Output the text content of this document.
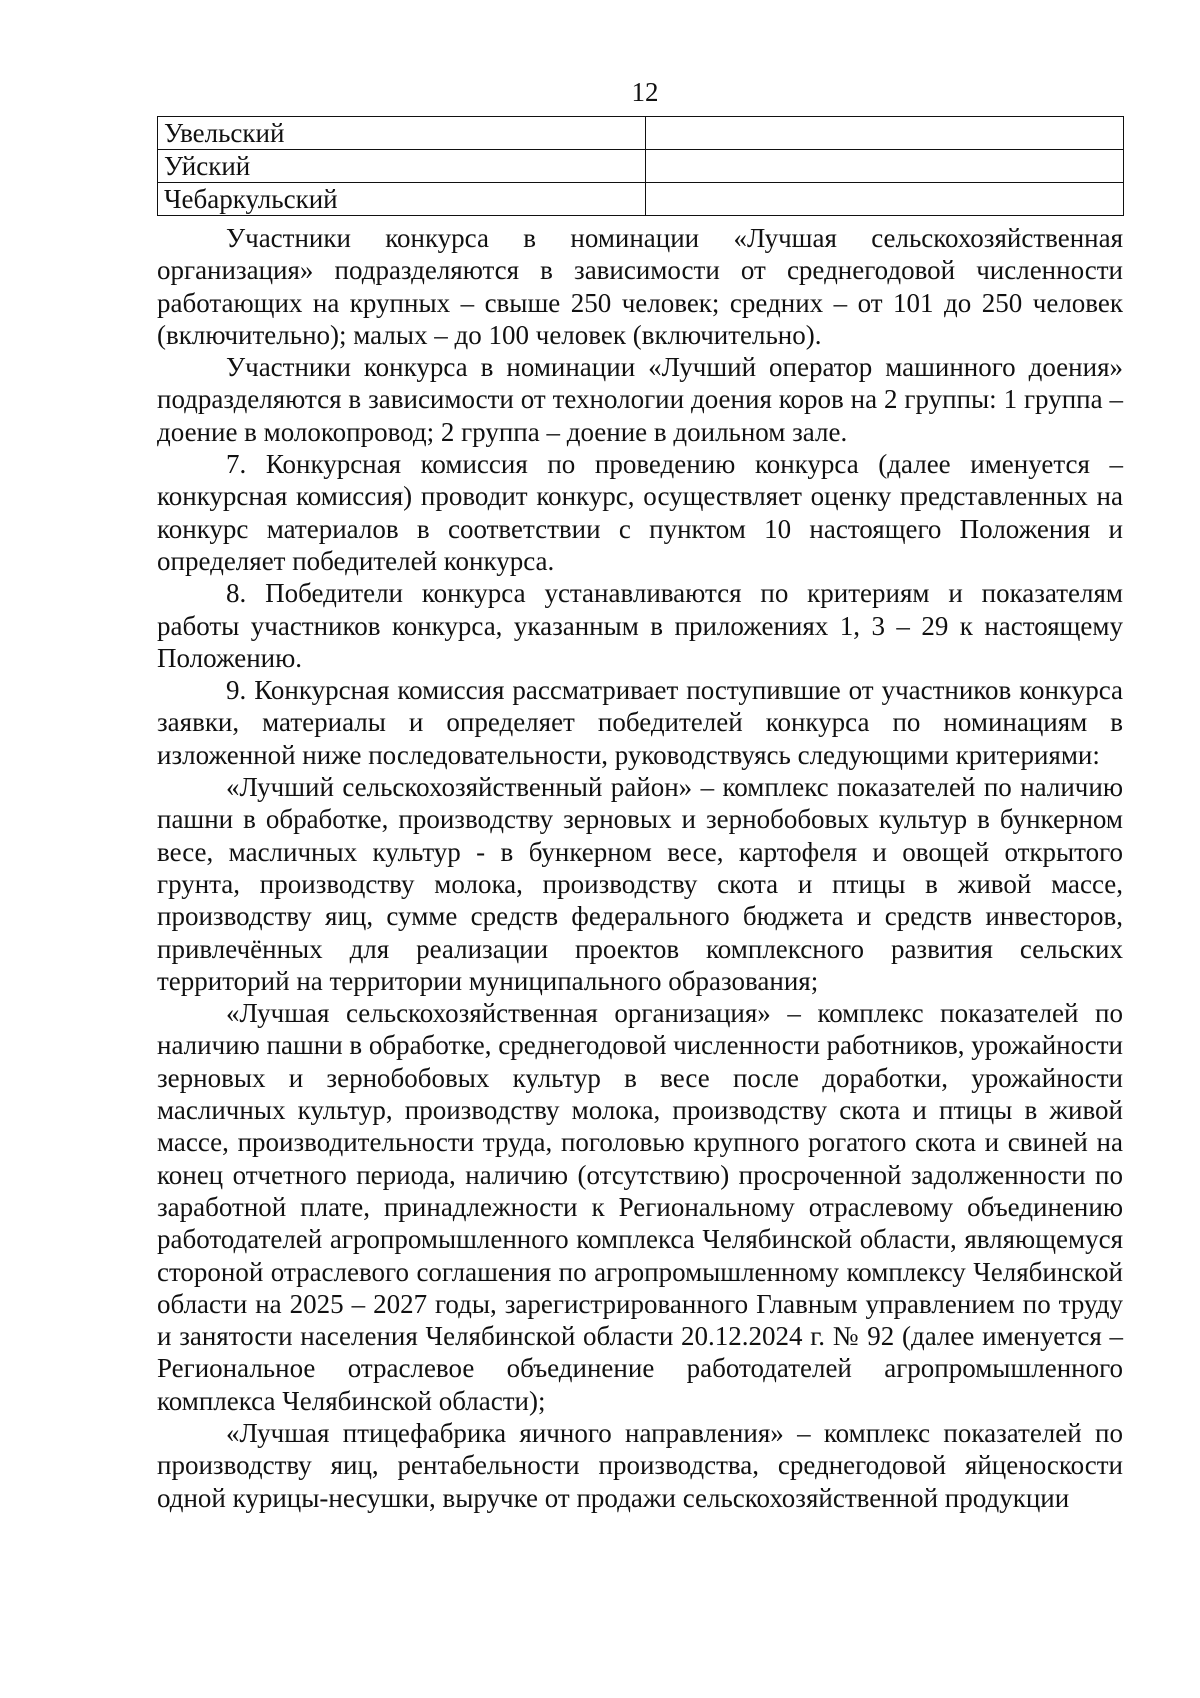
12
Увельский	
Уйский	
Чебаркульский	

Участники конкурса в номинации «Лучшая сельскохозяйственная организация» подразделяются в зависимости от среднегодовой численности работающих на крупных – свыше 250 человек; средних – от 101 до 250 человек (включительно); малых – до 100 человек (включительно).

Участники конкурса в номинации «Лучший оператор машинного доения» подразделяются в зависимости от технологии доения коров на 2 группы: 1 группа – доение в молокопровод; 2 группа – доение в доильном зале.

7. Конкурсная комиссия по проведению конкурса (далее именуется – конкурсная комиссия) проводит конкурс, осуществляет оценку представленных на конкурс материалов в соответствии с пунктом 10 настоящего Положения и определяет победителей конкурса.

8. Победители конкурса устанавливаются по критериям и показателям работы участников конкурса, указанным в приложениях 1, 3 – 29 к настоящему Положению.

9. Конкурсная комиссия рассматривает поступившие от участников конкурса заявки, материалы и определяет победителей конкурса по номинациям в изложенной ниже последовательности, руководствуясь следующими критериями:

«Лучший сельскохозяйственный район» – комплекс показателей по наличию пашни в обработке, производству зерновых и зернобобовых культур в бункерном весе, масличных культур - в бункерном весе, картофеля и овощей открытого грунта, производству молока, производству скота и птицы в живой массе, производству яиц, сумме средств федерального бюджета и средств инвесторов, привлечённых для реализации проектов комплексного развития сельских территорий на территории муниципального образования;

«Лучшая сельскохозяйственная организация» – комплекс показателей по наличию пашни в обработке, среднегодовой численности работников, урожайности зерновых и зернобобовых культур в весе после доработки, урожайности масличных культур, производству молока, производству скота и птицы в живой массе, производительности труда, поголовью крупного рогатого скота и свиней на конец отчетного периода, наличию (отсутствию) просроченной задолженности по заработной плате, принадлежности к Региональному отраслевому объединению работодателей агропромышленного комплекса Челябинской области, являющемуся стороной отраслевого соглашения по агропромышленному комплексу Челябинской области на 2025 – 2027 годы, зарегистрированного Главным управлением по труду и занятости населения Челябинской области 20.12.2024 г. № 92 (далее именуется – Региональное отраслевое объединение работодателей агропромышленного комплекса Челябинской области);

«Лучшая птицефабрика яичного направления» – комплекс показателей по производству яиц, рентабельности производства, среднегодовой яйценоскости одной курицы-несушки, выручке от продажи сельскохозяйственной продукции
